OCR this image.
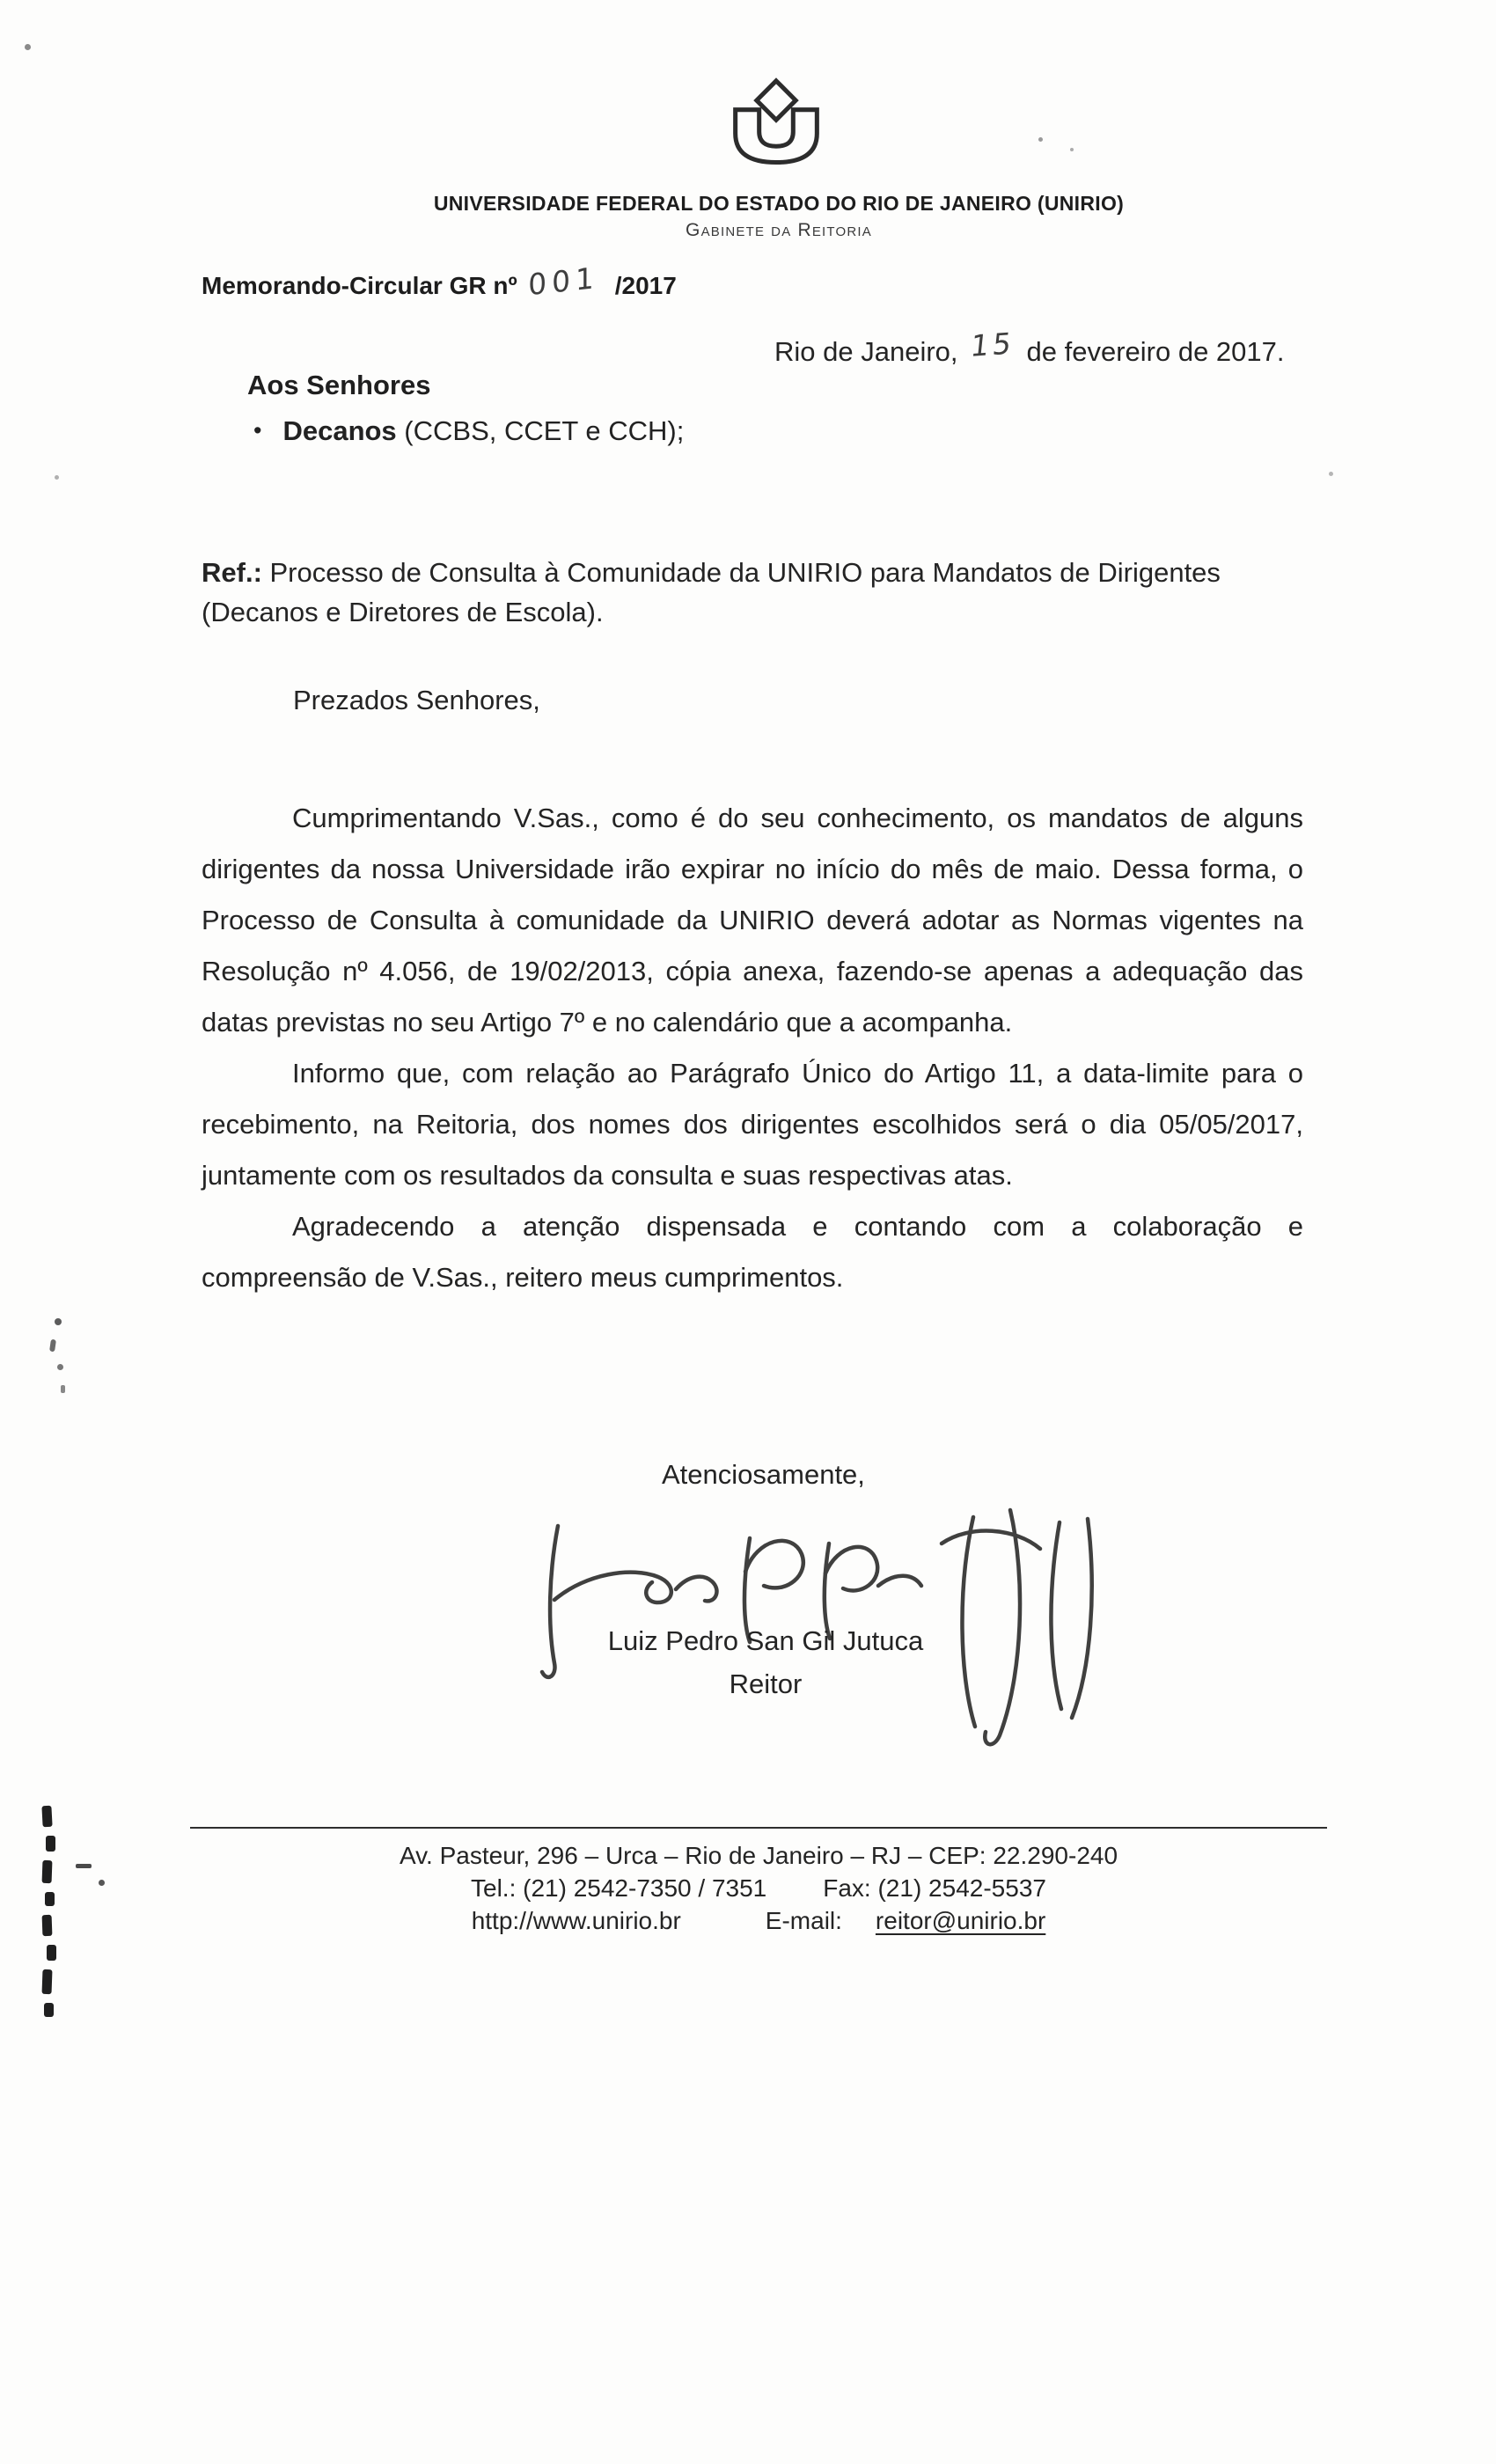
UNIVERSIDADE FEDERAL DO ESTADO DO RIO DE JANEIRO (UNIRIO)
Gabinete da Reitoria
Memorando-Circular GR nº 001 /2017
Rio de Janeiro, 15 de fevereiro de 2017.
Aos Senhores
• Decanos (CCBS, CCET e CCH);
Ref.: Processo de Consulta à Comunidade da UNIRIO para Mandatos de Dirigentes (Decanos e Diretores de Escola).
Prezados Senhores,

Cumprimentando V.Sas., como é do seu conhecimento, os mandatos de alguns dirigentes da nossa Universidade irão expirar no início do mês de maio. Dessa forma, o Processo de Consulta à comunidade da UNIRIO deverá adotar as Normas vigentes na Resolução nº 4.056, de 19/02/2013, cópia anexa, fazendo-se apenas a adequação das datas previstas no seu Artigo 7º e no calendário que a acompanha.

Informo que, com relação ao Parágrafo Único do Artigo 11, a data-limite para o recebimento, na Reitoria, dos nomes dos dirigentes escolhidos será o dia 05/05/2017, juntamente com os resultados da consulta e suas respectivas atas.

Agradecendo a atenção dispensada e contando com a colaboração e compreensão de V.Sas., reitero meus cumprimentos.

Atenciosamente,
Luiz Pedro San Gil Jutuca
Reitor
Av. Pasteur, 296 – Urca – Rio de Janeiro – RJ – CEP: 22.290-240
Tel.: (21) 2542-7350 / 7351 Fax: (21) 2542-5537
http://www.unirio.br	E-mail: reitor@unirio.br
